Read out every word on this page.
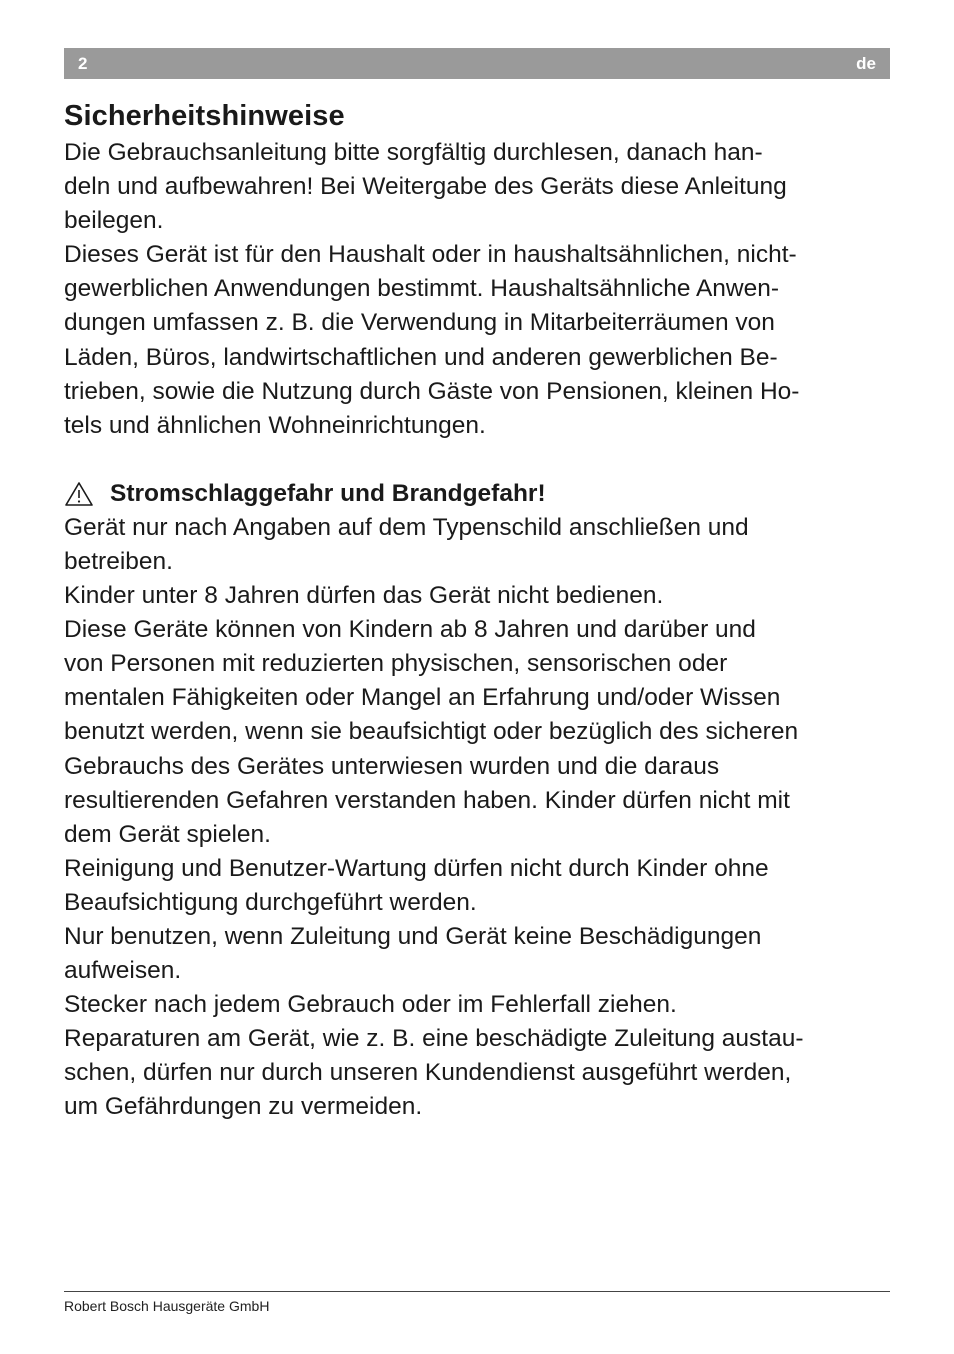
2	de
Sicherheitshinweise

Die Gebrauchsanleitung bitte sorgfältig durchlesen, danach han-

deln und aufbewahren! Bei Weitergabe des Geräts diese Anleitung

beilegen.

Dieses Gerät ist für den Haushalt oder in haushaltsähnlichen, nicht-

gewerblichen Anwendungen bestimmt. Haushaltsähnliche Anwen-

dungen umfassen z. B. die Verwendung in Mitarbeiterräumen von

Läden, Büros, landwirtschaftlichen und anderen gewerblichen Be-

trieben, sowie die Nutzung durch Gäste von Pensionen, kleinen Ho-

tels und ähnlichen Wohneinrichtungen.

Stromschlaggefahr und Brandgefahr!

Gerät nur nach Angaben auf dem Typenschild anschließen und

betreiben.

Kinder unter 8 Jahren dürfen das Gerät nicht bedienen.

Diese Geräte können von Kindern ab 8 Jahren und darüber und

von Personen mit reduzierten physischen, sensorischen oder

mentalen Fähigkeiten oder Mangel an Erfahrung und/oder Wissen

benutzt werden, wenn sie beaufsichtigt oder bezüglich des sicheren

Gebrauchs des Gerätes unterwiesen wurden und die daraus

resultierenden Gefahren verstanden haben. Kinder dürfen nicht mit

dem Gerät spielen.

Reinigung und Benutzer-Wartung dürfen nicht durch Kinder ohne

Beaufsichtigung durchgeführt werden.

Nur benutzen, wenn Zuleitung und Gerät keine Beschädigungen

aufweisen.

Stecker nach jedem Gebrauch oder im Fehlerfall ziehen.

Reparaturen am Gerät, wie z. B. eine beschädigte Zuleitung austau-

schen, dürfen nur durch unseren Kundendienst ausgeführt werden,

um Gefährdungen zu vermeiden.

Robert Bosch Hausgeräte GmbH
